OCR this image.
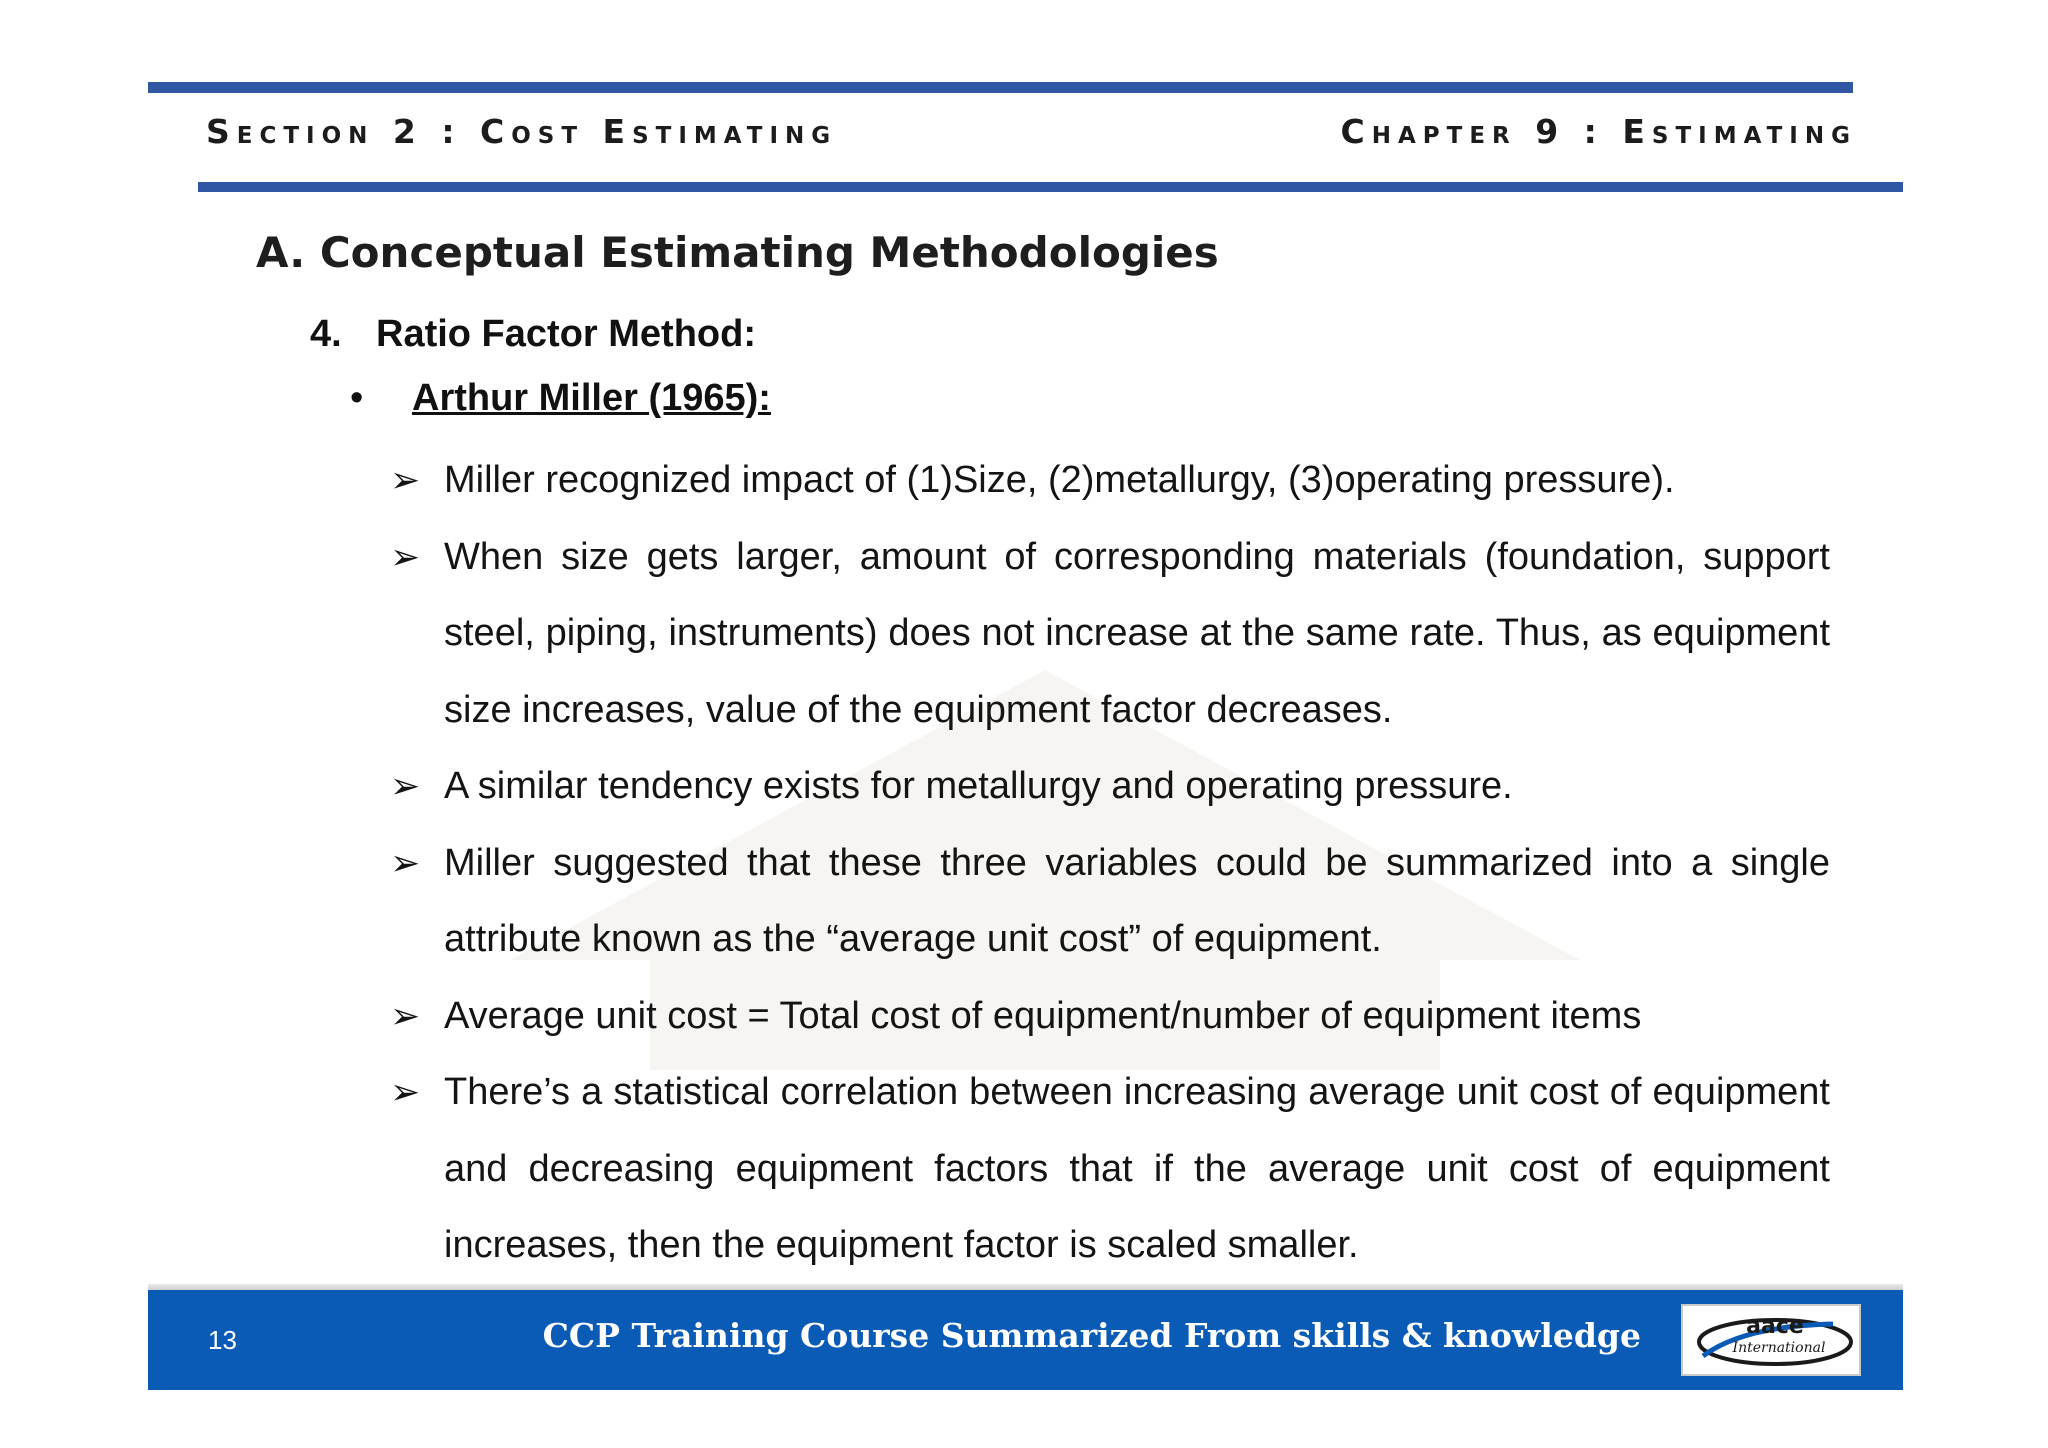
Section 2 : Cost Estimating	Chapter 9 : Estimating
A. Conceptual Estimating Methodologies
4. Ratio Factor Method:
• Arthur Miller (1965):
➢ Miller recognized impact of (1)Size, (2)metallurgy, (3)operating pressure).
➢ When size gets larger, amount of corresponding materials (foundation, support steel, piping, instruments) does not increase at the same rate. Thus, as equipment size increases, value of the equipment factor decreases.
➢ A similar tendency exists for metallurgy and operating pressure.
➢ Miller suggested that these three variables could be summarized into a single attribute known as the “average unit cost” of equipment.
➢ Average unit cost = Total cost of equipment/number of equipment items
➢ There’s a statistical correlation between increasing average unit cost of equipment and decreasing equipment factors that if the average unit cost of equipment increases, then the equipment factor is scaled smaller.
13	CCP Training Course Summarized From skills & knowledge	aace
International
